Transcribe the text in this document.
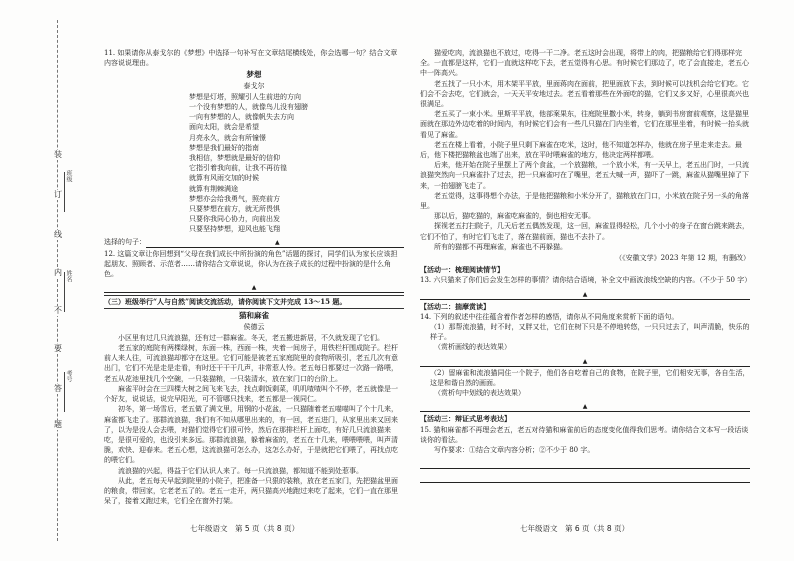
装
订
线
内
不
要
答
题
班级
姓名
考号

11. 如果请你从泰戈尔的《梦想》中选择一句补写在文章结尾横线处，你会选哪一句？结合文章内容说说理由。

梦想
泰戈尔
梦想是灯塔，照耀引人生前进的方向
一个没有梦想的人，就像鸟儿没有翅膀
一向有梦想的人，就像帆失去方向
面向太阳，就会是希望
月亮永久，就会有所憧憬
梦想是我们最好的指南
我相信，梦想就是最好的信仰
它指引着我向前，让我不再彷徨
就算有风雨交加的时候
就算有荆棘满途
梦想亦会给我勇气，照亮前方
只要梦想在前方，就无所畏惧
只要你我同心协力，向前出发
只要坚持梦想，迎风也能飞翔
选择的句子：	▲

12. 这篇文章让你回想到“父母在我们成长中所扮演的角色”话题的探讨，同学们认为家长应该担起朋友、照顾者、示范者……请你结合文章说说，你认为在孩子成长的过程中扮演的是什么角色。

▲
（三）班级举行“人与自然”阅读交流活动，请你阅读下文并完成 13～15 题。
猫和麻雀
侯德云

小区里有过几只流浪猫，还有过一群麻雀。冬天，老五搬进新居，不久就发现了它们。

老五家的庭院有两棵绿树，东面一株，西面一株，夹着一间房子，用铁栏杆围成院子。栏杆前人来人往，可流浪猫却都守在这里。它们可能是被老五家庭院里的食物所吸引，老五几次有意出门，它们不光是走是走看，有时还干干干几声，非常惹人怜。老五每日都要过一次路一路喂，老五从花池里找几个空碗，一只装猫粮，一只装清水，放在家门口的台阶上。

麻雀平时会在三四棵大树之间飞来飞去，找点剩饭剩菜，叽叽喳喳叫个不停，老五就像是一个好友，说说话，说完早阳光，可不管哪只找来，老五都是一视同仁。

初冬，第一场雪后，老五做了满文里，用钢的小花盆，一只猫随着老五喵喵叫了个十几来，麻雀都飞走了。那群流浪猫，我们有不知从哪里出来的，有一回，老五进门，从家里出来又回来了，以为是没人会去喂，对猫们觉得它们很可怜，然后在那排栏杆上面吃，有好几只流浪猫来吃，是很可爱的，也没引来多远。那群流浪猫，躲着麻雀的，老五在十几来，喂喂喂喂，叫声清脆，欢快、迎春来。老五心想，这流浪猫可怎么办，这怎么办好，于是就把它们喂了，再找点吃的喂它们。

流浪猫的兴起，得益于它们认识人来了。每一只流浪猫，都知道不能到处惹事。

从此，老五每天早起到院里的小院子，把准备一只狠的装粮，放在老五家门，先把猫盆里面的粮食，带回家，它老老五了的。老五一走开，两只猫高兴地跑过来吃了起来，它们一直在那里呆了，接着又跑过来，它们全在窗外打架。

猫爱吃肉，流浪猫也不放过，吃得一干二净。老五这时会出现，将带上的肉，把猫粮给它们得那样完全。一直都是这样，它们一直就这样吃下去，老五觉得有心思。有时候它们那边了，吃了会直接走，老五心中一阵高兴。

老五找了一只小木，用木架平平放，里面蒋肉在面前，把里面放下去，到时候可以找机会给它们吃。它们会不会去吃，它们就会，一天天平安地过去。老五看着那些在外面吃的猫，它们又多又好，心里很高兴也很满足。

老五买了一束小米。里斯平平放，他部案果东，往庭院里撒小米，转身，躺到书房窗前观察，这是猫里面就在那边外边吃着的时间内，有时候它们会有一些几只猫在门内坐着，它们在那里坐着，有时候一抬头就看见了麻雀。

老五在楼上看着，小院子里只剩下麻雀在吃米，这时，他不知道怎样办，他就在房子里走来走去。最后，他下楼把猫粮盆也端了出来，放在平时喂麻雀的地方，他决定两样都喂。

后来，他开始在院子里摆上了两个食盆，一个放猫粮，一个放小米，有一天早上，老五出门时，一只流浪猫突然向一只麻雀扑了过去，把一只麻雀叼在了嘴里，老五大喊一声，猫吓了一跳，麻雀从猫嘴里掉了下来，一拍翅膀飞走了。

老五觉得，这事得想个办法，于是他把猫粮和小米分开了，猫粮放在门口，小米放在院子另一头的角落里。

那以后，猫吃猫的，麻雀吃麻雀的，倒也相安无事。

探视老五打扫院子，几天后老五偶然发现，这一回，麻雀显得轻松，几个小小的身子在窗台跳来跳去，它们不怕了，有时它们飞走了，落在猫前面，猫也不去扑了。

所有的猫都不再理麻雀，麻雀也不再躲猫。

（《安徽文学》2023 年第 12 期，有删改）
【活动一：梳理阅读情节】

13. 六只猫来了你们后会发生怎样的事情？请你结合语境，补全文中画波浪线空缺的内容。（不少于 50 字）

▲
【活动二：揣摩赏读】

14. 下列的叙述中往往蕴含着作者怎样的感悟，请你从不同角度来赏析下面的语句。

（1）那帮流浪猫，时不时，又胖又壮，它们在树下只是不停地转悠，一只只过去了，叫声清脆，快乐的样子。

（赏析画线的表达效果）

▲

（2）留麻雀和流浪猫同住一个院子，他们各自吃着自己的食物，在院子里，它们相安无事，各自生活，这是和谐自然的画面。

（赏析句中划线的表达效果）

▲
【活动三：辩证式思考表达】

15. 猫和麻雀都不再理会老五，老五对待猫和麻雀前后的态度变化值得我们思考。请你结合文本写一段话谈谈你的看法。

写作要求：①结合文章内容分析；②不少于 80 字。

七年级语文　第 5 页（共 8 页）	七年级语文　第 6 页（共 8 页）
